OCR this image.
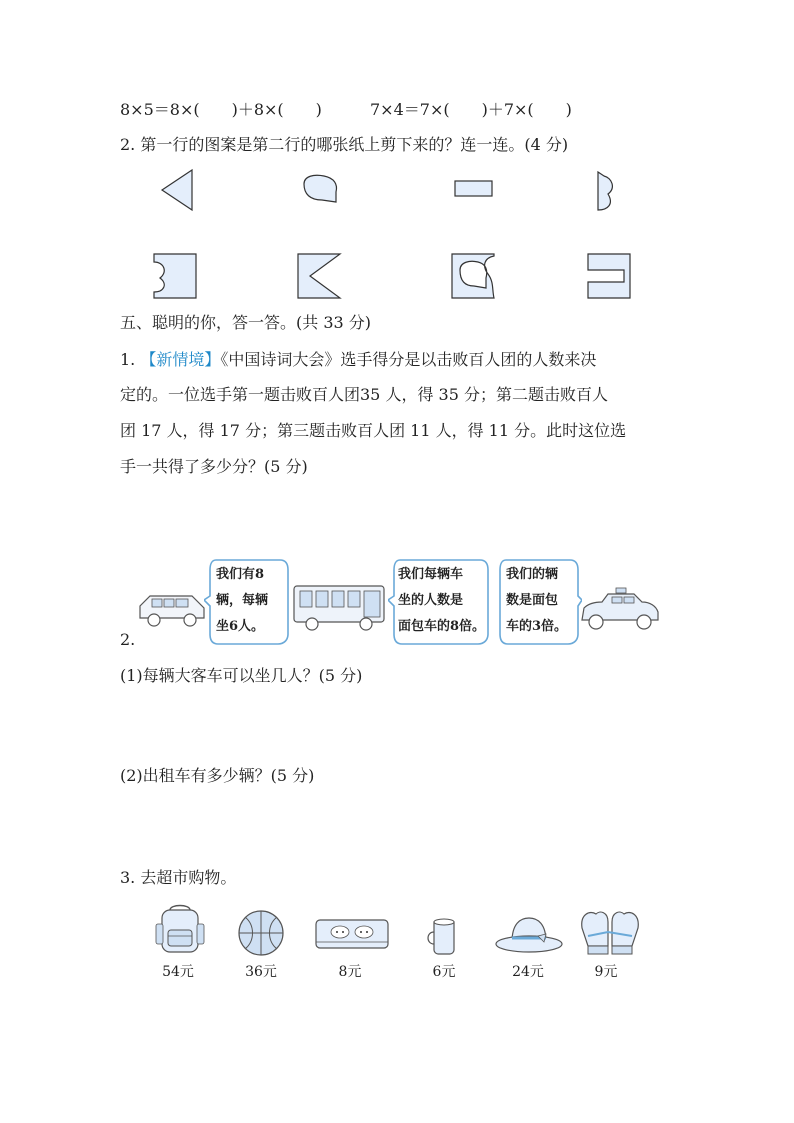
8×5＝8×(　　)＋8×(　　)	7×4＝7×(　　)＋7×(　　)
2. 第一行的图案是第二行的哪张纸上剪下来的？连一连。(4 分)
五、聪明的你，答一答。(共 33 分)
1. 【新情境】《中国诗词大会》选手得分是以击败百人团的人数来决
定的。一位选手第一题击败百人团35 人，得 35 分；第二题击败百人
团 17 人，得 17 分；第三题击败百人团 11 人，得 11 分。此时这位选
手一共得了多少分？(5 分)
2.
我们有8
辆，每辆
坐6人。
我们每辆车
坐的人数是
面包车的8倍。
我们的辆
数是面包
车的3倍。
(1)每辆大客车可以坐几人？(5 分)
(2)出租车有多少辆？(5 分)
3. 去超市购物。
54元	36元	8元	6元	24元	9元
